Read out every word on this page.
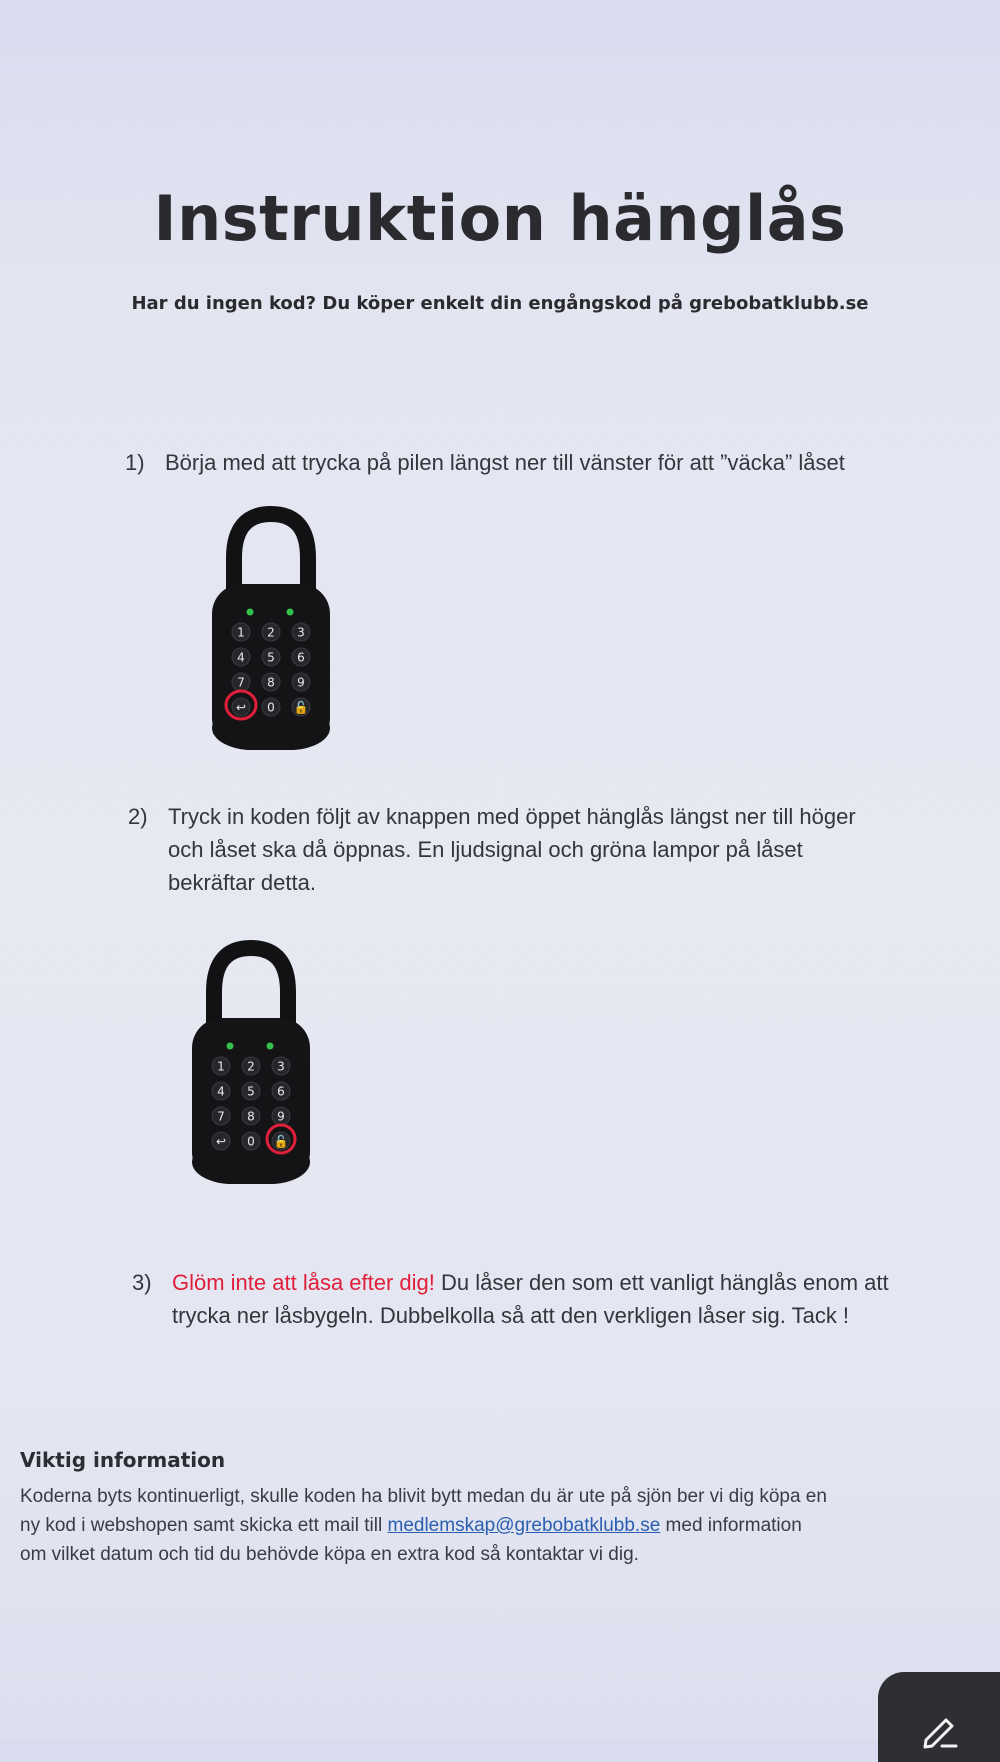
Instruktion hänglås
Har du ingen kod? Du köper enkelt din engångskod på grebobatklubb.se
1) Börja med att trycka på pilen längst ner till vänster för att ”väcka” låset
1 2 3
4 5 6
7 8 9
↩ 0 🔓
2) Tryck in koden följt av knappen med öppet hänglås längst ner till höger
och låset ska då öppnas. En ljudsignal och gröna lampor på låset
bekräftar detta.
1 2 3
4 5 6
7 8 9
↩ 0 🔓
3) Glöm inte att låsa efter dig! Du låser den som ett vanligt hänglås enom att
trycka ner låsbygeln. Dubbelkolla så att den verkligen låser sig. Tack !
Viktig information
Koderna byts kontinuerligt, skulle koden ha blivit bytt medan du är ute på sjön ber vi dig köpa en
ny kod i webshopen samt skicka ett mail till medlemskap@grebobatklubb.se med information
om vilket datum och tid du behövde köpa en extra kod så kontaktar vi dig.
